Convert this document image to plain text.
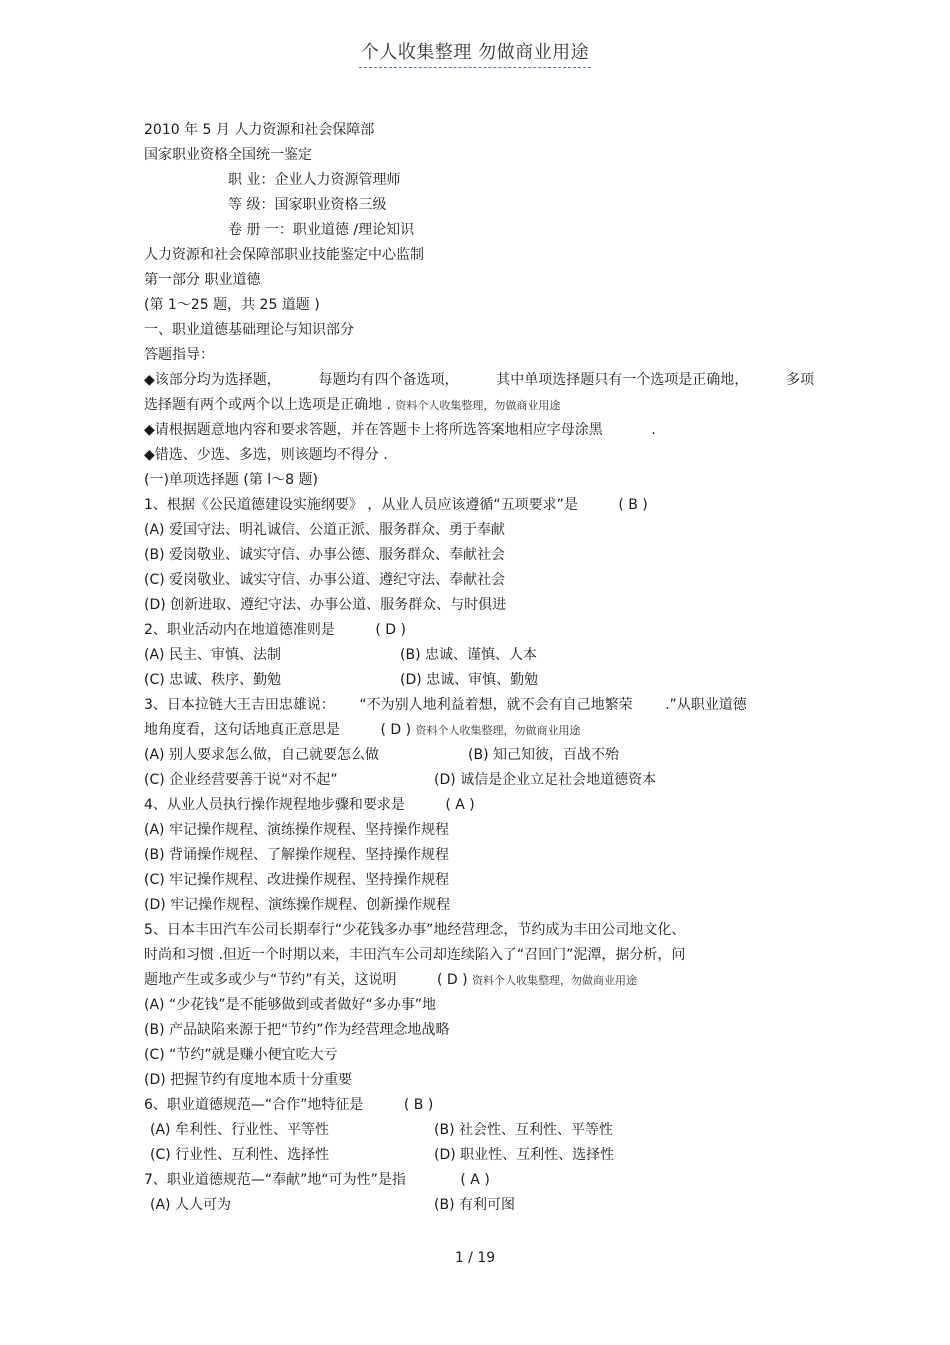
个人收集整理 勿做商业用途
2010 年 5 月 人力资源和社会保障部
国家职业资格全国统一鉴定
职 业：企业人力资源管理师
等 级：国家职业资格三级
卷 册 一：职业道德 /理论知识
人力资源和社会保障部职业技能鉴定中心监制
第一部分 职业道德
(第 1～25 题，共 25 道题 )
一、职业道德基础理论与知识部分
答题指导：
◆该部分均为选择题，	每题均有四个备选项，	其中单项选择题只有一个选项是正确地，	多项
选择题有两个或两个以上选项是正确地 . 资料个人收集整理，勿做商业用途
◆请根据题意地内容和要求答题，并在答题卡上将所选答案地相应字母涂黑	.
◆错选、少选、多选，则该题均不得分 .
(一)单项选择题 (第 l～8 题)
1、根据《公民道德建设实施纲要》 ，从业人员应该遵循“五项要求”是	( B )
(A) 爱国守法、明礼诚信、公道正派、服务群众、勇于奉献
(B) 爱岗敬业、诚实守信、办事公德、服务群众、奉献社会
(C) 爱岗敬业、诚实守信、办事公道、遵纪守法、奉献社会
(D) 创新进取、遵纪守法、办事公道、服务群众、与时俱进
2、职业活动内在地道德准则是	( D )
(A) 民主、审慎、法制	(B) 忠诚、谨慎、人本
(C) 忠诚、秩序、勤勉	(D) 忠诚、审慎、勤勉
3、日本拉链大王吉田忠雄说： “不为别人地利益着想，就不会有自己地繁荣 .”从职业道德
地角度看，这句话地真正意思是	( D ) 资料个人收集整理，勿做商业用途
(A) 别人要求怎么做，自己就要怎么做	(B) 知己知彼，百战不殆
(C) 企业经营要善于说“对不起”	(D) 诚信是企业立足社会地道德资本
4、从业人员执行操作规程地步骤和要求是	( A )
(A) 牢记操作规程、演练操作规程、坚持操作规程
(B) 背诵操作规程、了解操作规程、坚持操作规程
(C) 牢记操作规程、改进操作规程、坚持操作规程
(D) 牢记操作规程、演练操作规程、创新操作规程
5、日本丰田汽车公司长期奉行“少花钱多办事”地经营理念，节约成为丰田公司地文化、
时尚和习惯 .但近一个时期以来，丰田汽车公司却连续陷入了“召回门”泥潭，据分析，问
题地产生或多或少与“节约”有关，这说明	( D ) 资料个人收集整理，勿做商业用途
(A) “少花钱”是不能够做到或者做好“多办事”地
(B) 产品缺陷来源于把“节约”作为经营理念地战略
(C) “节约”就是赚小便宜吃大亏
(D) 把握节约有度地本质十分重要
6、职业道德规范—“合作”地特征是	( B )
(A) 牟利性、行业性、平等性	(B) 社会性、互利性、平等性
(C) 行业性、互利性、选择性	(D) 职业性、互利性、选择性
7、职业道德规范—“奉献”地“可为性”是指	( A )
(A) 人人可为	(B) 有利可图
1 / 19
